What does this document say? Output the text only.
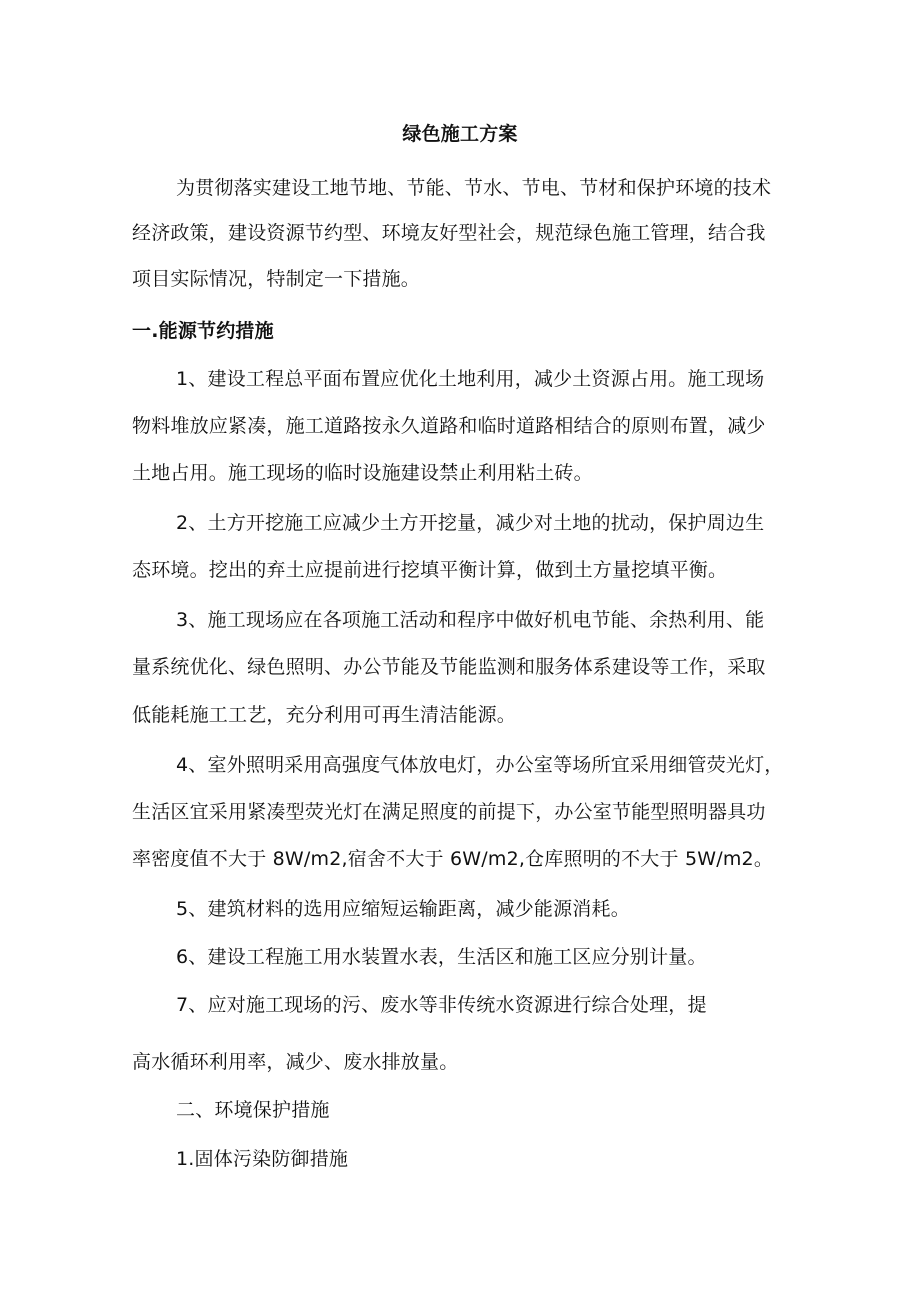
绿色施工方案
为贯彻落实建设工地节地、节能、节水、节电、节材和保护环境的技术
经济政策，建设资源节约型、环境友好型社会，规范绿色施工管理，结合我
项目实际情况，特制定一下措施。
一.能源节约措施
1、建设工程总平面布置应优化土地利用，减少土资源占用。施工现场
物料堆放应紧凑，施工道路按永久道路和临时道路相结合的原则布置，减少
土地占用。施工现场的临时设施建设禁止利用粘土砖。
2、土方开挖施工应减少土方开挖量，减少对土地的扰动，保护周边生
态环境。挖出的弃土应提前进行挖填平衡计算，做到土方量挖填平衡。
3、施工现场应在各项施工活动和程序中做好机电节能、余热利用、能
量系统优化、绿色照明、办公节能及节能监测和服务体系建设等工作，采取
低能耗施工工艺，充分利用可再生清洁能源。
4、室外照明采用高强度气体放电灯，办公室等场所宜采用细管荧光灯，
生活区宜采用紧凑型荧光灯在满足照度的前提下，办公室节能型照明器具功
率密度值不大于 8W/m2,宿舍不大于 6W/m2,仓库照明的不大于 5W/m2。
5、建筑材料的选用应缩短运输距离，减少能源消耗。
6、建设工程施工用水装置水表，生活区和施工区应分别计量。
7、应对施工现场的污、废水等非传统水资源进行综合处理，提
高水循环利用率，减少、废水排放量。
二、环境保护措施
1.固体污染防御措施
